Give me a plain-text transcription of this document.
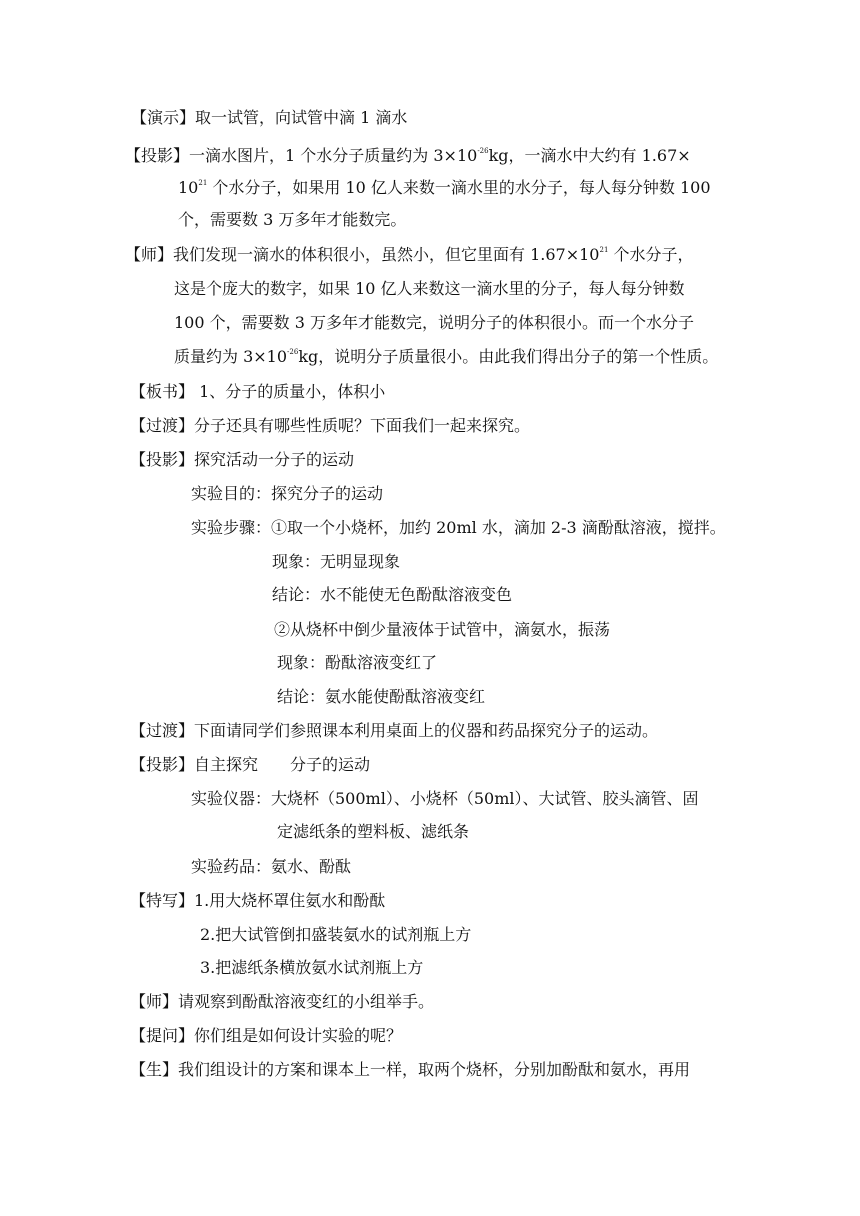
【演示】取一试管，向试管中滴 1 滴水
【投影】一滴水图片，1 个水分子质量约为 $3\times 10^{-26}kg$，一滴水中大约有 1.67×
$10^{21}$ 个水分子，如果用 10 亿人来数一滴水里的水分子，每人每分钟数 100
个，需要数 3 万多年才能数完。
【师】我们发现一滴水的体积很小，虽然小，但它里面有 $1.67\times 10^{21}$ 个水分子，
这是个庞大的数字，如果 10 亿人来数这一滴水里的分子，每人每分钟数
100 个，需要数 3 万多年才能数完，说明分子的体积很小。而一个水分子
质量约为 $3\times 10^{-26}kg$，说明分子质量很小。由此我们得出分子的第一个性质。
【板书】 1、分子的质量小，体积小
【过渡】分子还具有哪些性质呢？下面我们一起来探究。
【投影】探究活动一分子的运动
实验目的：探究分子的运动
实验步骤：①取一个小烧杯，加约 20ml 水，滴加 2-3 滴酚酞溶液，搅拌。
现象：无明显现象
结论：水不能使无色酚酞溶液变色
②从烧杯中倒少量液体于试管中，滴氨水，振荡
现象：酚酞溶液变红了
结论：氨水能使酚酞溶液变红
【过渡】下面请同学们参照课本利用桌面上的仪器和药品探究分子的运动。
【投影】自主探究　　分子的运动
实验仪器：大烧杯（500ml）、小烧杯（50ml）、大试管、胶头滴管、固
定滤纸条的塑料板、滤纸条
实验药品：氨水、酚酞
【特写】1.用大烧杯罩住氨水和酚酞
2.把大试管倒扣盛装氨水的试剂瓶上方
3.把滤纸条横放氨水试剂瓶上方
【师】请观察到酚酞溶液变红的小组举手。
【提问】你们组是如何设计实验的呢？
【生】我们组设计的方案和课本上一样，取两个烧杯，分别加酚酞和氨水，再用
